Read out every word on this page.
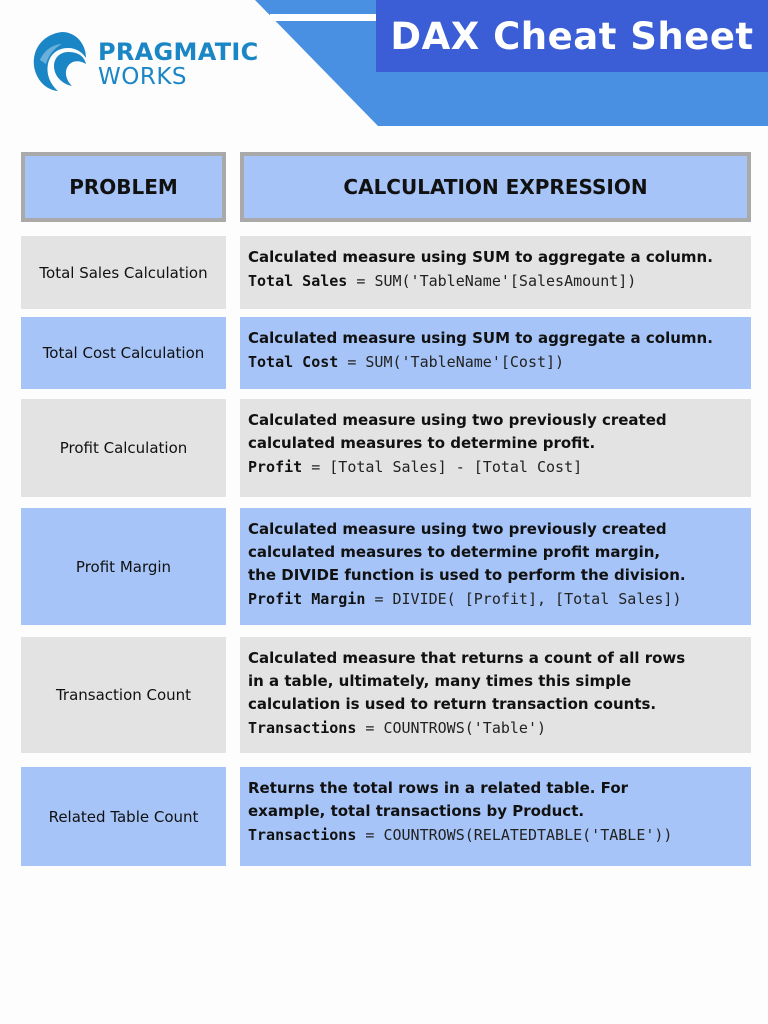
DAX Cheat Sheet
PRAGMATIC
WORKS
PROBLEM	CALCULATION EXPRESSION
Total Sales Calculation
Calculated measure using SUM to aggregate a column.
Total Sales = SUM('TableName'[SalesAmount])
Total Cost Calculation
Calculated measure using SUM to aggregate a column.
Total Cost = SUM('TableName'[Cost])
Profit Calculation
Calculated measure using two previously created calculated measures to determine profit.
Profit = [Total Sales] - [Total Cost]
Profit Margin
Calculated measure using two previously created calculated measures to determine profit margin, the DIVIDE function is used to perform the division.
Profit Margin = DIVIDE( [Profit], [Total Sales])
Transaction Count
Calculated measure that returns a count of all rows in a table, ultimately, many times this simple calculation is used to return transaction counts.
Transactions = COUNTROWS('Table')
Related Table Count
Returns the total rows in a related table. For example, total transactions by Product.
Transactions = COUNTROWS(RELATEDTABLE('TABLE'))
